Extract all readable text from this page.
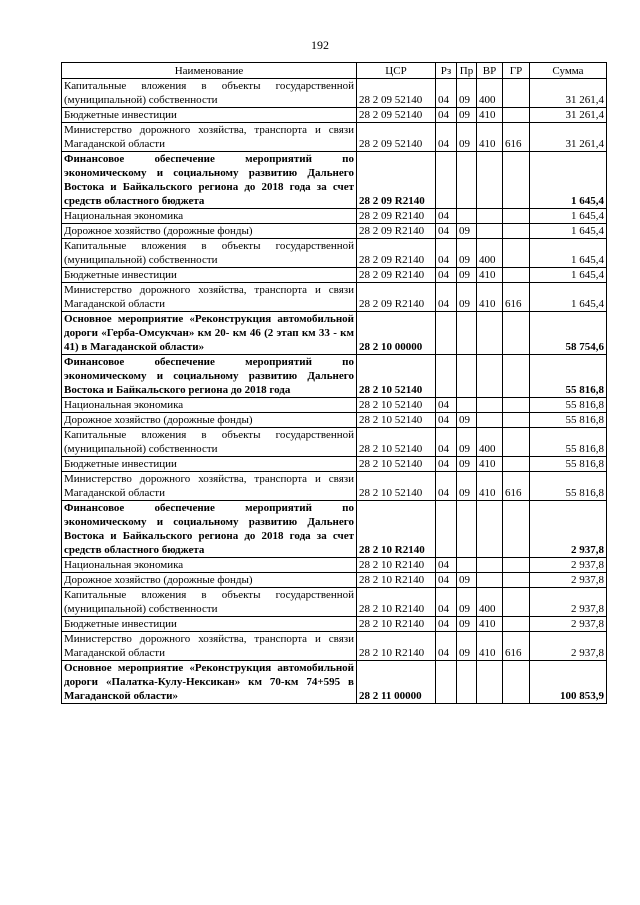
192
Наименование	ЦСР	Рз	Пр	ВР	ГР	Сумма
Капитальные вложения в объекты государственной (муниципальной) собственности	28 2 09 52140	04	09	400		31 261,4
Бюджетные инвестиции	28 2 09 52140	04	09	410		31 261,4
Министерство дорожного хозяйства, транспорта и связи Магаданской области	28 2 09 52140	04	09	410	616	31 261,4
Финансовое обеспечение мероприятий по экономическому и социальному развитию Дальнего Востока и Байкальского региона до 2018 года за счет средств областного бюджета	28 2 09 R2140					1 645,4
Национальная экономика	28 2 09 R2140	04				1 645,4
Дорожное хозяйство (дорожные фонды)	28 2 09 R2140	04	09			1 645,4
Капитальные вложения в объекты государственной (муниципальной) собственности	28 2 09 R2140	04	09	400		1 645,4
Бюджетные инвестиции	28 2 09 R2140	04	09	410		1 645,4
Министерство дорожного хозяйства, транспорта и связи Магаданской области	28 2 09 R2140	04	09	410	616	1 645,4
Основное мероприятие «Реконструкция автомобильной дороги «Герба-Омсукчан» км 20- км 46 (2 этап км 33 - км 41) в Магаданской области»	28 2 10 00000					58 754,6
Финансовое обеспечение мероприятий по экономическому и социальному развитию Дальнего Востока и Байкальского региона до 2018 года	28 2 10 52140					55 816,8
Национальная экономика	28 2 10 52140	04				55 816,8
Дорожное хозяйство (дорожные фонды)	28 2 10 52140	04	09			55 816,8
Капитальные вложения в объекты государственной (муниципальной) собственности	28 2 10 52140	04	09	400		55 816,8
Бюджетные инвестиции	28 2 10 52140	04	09	410		55 816,8
Министерство дорожного хозяйства, транспорта и связи Магаданской области	28 2 10 52140	04	09	410	616	55 816,8
Финансовое обеспечение мероприятий по экономическому и социальному развитию Дальнего Востока и Байкальского региона до 2018 года за счет средств областного бюджета	28 2 10 R2140					2 937,8
Национальная экономика	28 2 10 R2140	04				2 937,8
Дорожное хозяйство (дорожные фонды)	28 2 10 R2140	04	09			2 937,8
Капитальные вложения в объекты государственной (муниципальной) собственности	28 2 10 R2140	04	09	400		2 937,8
Бюджетные инвестиции	28 2 10 R2140	04	09	410		2 937,8
Министерство дорожного хозяйства, транспорта и связи Магаданской области	28 2 10 R2140	04	09	410	616	2 937,8
Основное мероприятие «Реконструкция автомобильной дороги «Палатка-Кулу-Нексикан» км 70-км 74+595 в Магаданской области»	28 2 11 00000					100 853,9
